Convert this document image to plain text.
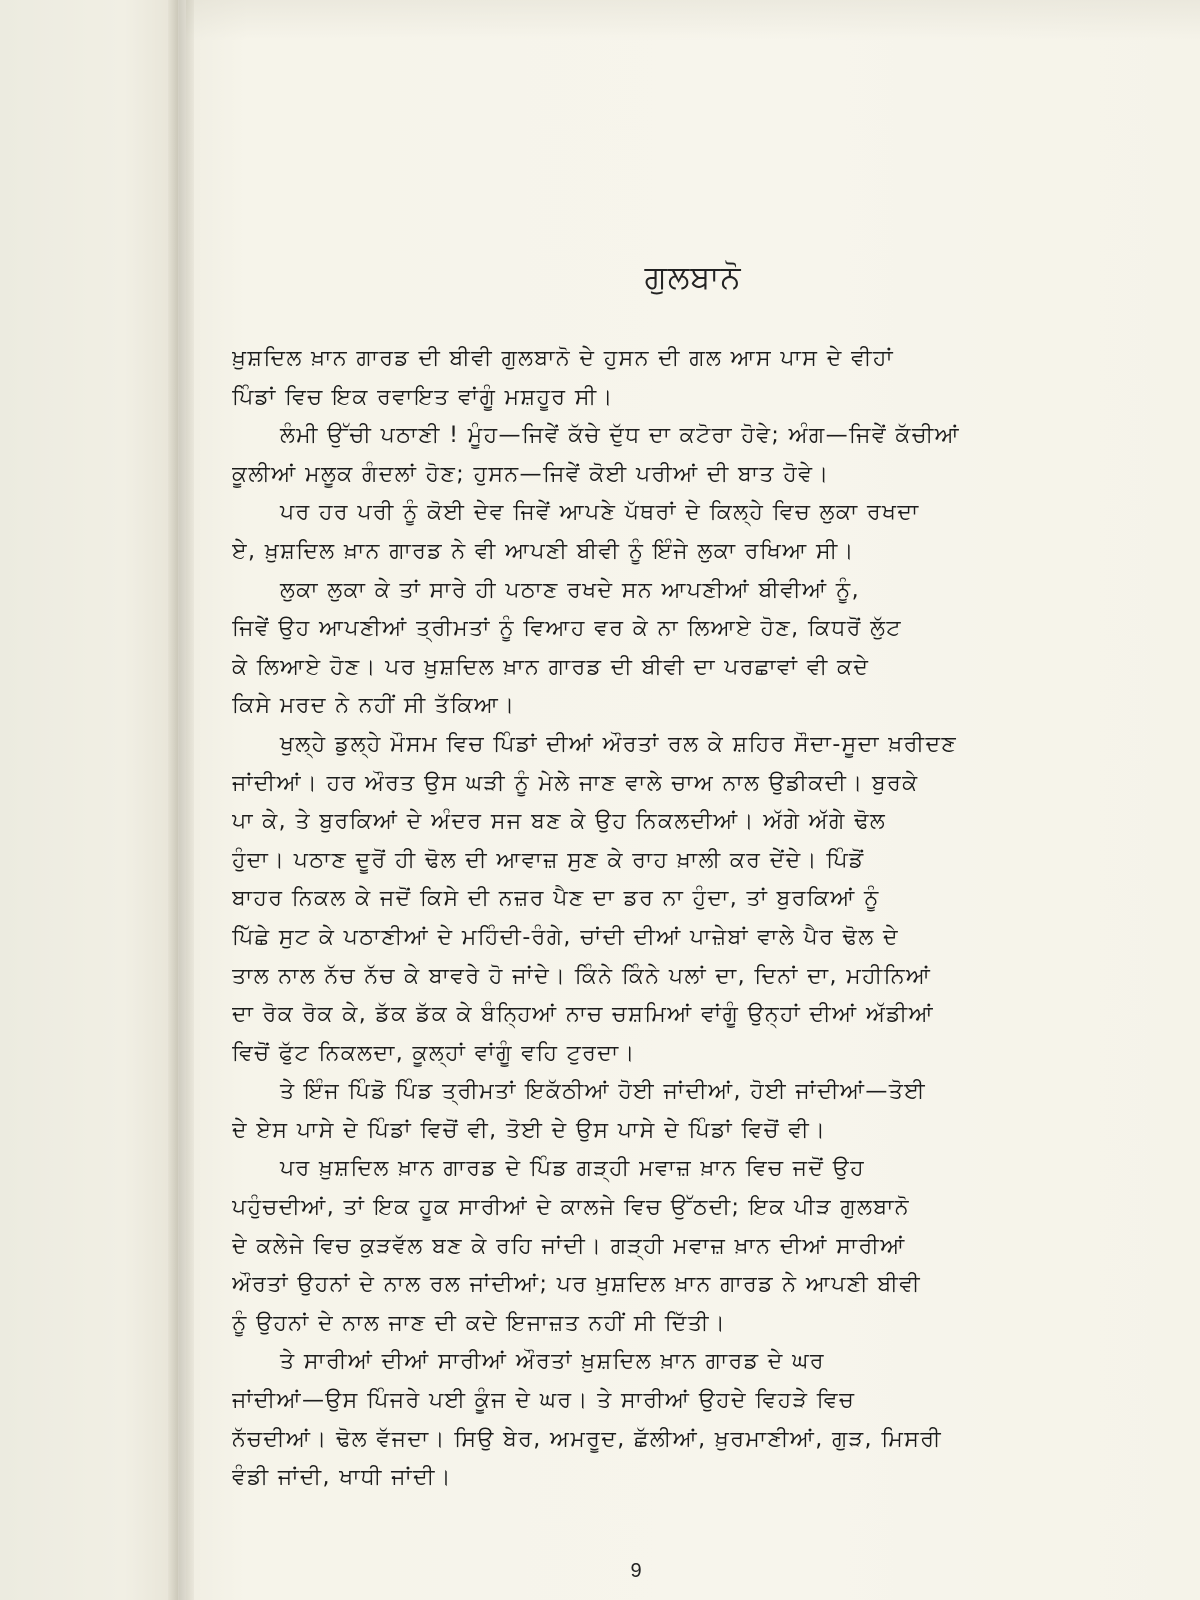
ਗੁਲਬਾਨੋ
ਖ਼ੁਸ਼ਦਿਲ ਖ਼ਾਨ ਗਾਰਡ ਦੀ ਬੀਵੀ ਗੁਲਬਾਨੋ ਦੇ ਹੁਸਨ ਦੀ ਗਲ ਆਸ ਪਾਸ ਦੇ ਵੀਹਾਂ
ਪਿੰਡਾਂ ਵਿਚ ਇਕ ਰਵਾਇਤ ਵਾਂਗੂੰ ਮਸ਼ਹੂਰ ਸੀ।
ਲੰਮੀ ਉੱਚੀ ਪਠਾਣੀ ! ਮੂੰਹ—ਜਿਵੇਂ ਕੱਚੇ ਦੁੱਧ ਦਾ ਕਟੋਰਾ ਹੋਵੇ; ਅੰਗ—ਜਿਵੇਂ ਕੱਚੀਆਂ
ਕੂਲੀਆਂ ਮਲੂਕ ਗੰਦਲਾਂ ਹੋਣ; ਹੁਸਨ—ਜਿਵੇਂ ਕੋਈ ਪਰੀਆਂ ਦੀ ਬਾਤ ਹੋਵੇ।
ਪਰ ਹਰ ਪਰੀ ਨੂੰ ਕੋਈ ਦੇਵ ਜਿਵੇਂ ਆਪਣੇ ਪੱਥਰਾਂ ਦੇ ਕਿਲ੍ਹੇ ਵਿਚ ਲੁਕਾ ਰਖਦਾ
ਏ, ਖ਼ੁਸ਼ਦਿਲ ਖ਼ਾਨ ਗਾਰਡ ਨੇ ਵੀ ਆਪਣੀ ਬੀਵੀ ਨੂੰ ਇੰਜੇ ਲੁਕਾ ਰਖਿਆ ਸੀ।
ਲੁਕਾ ਲੁਕਾ ਕੇ ਤਾਂ ਸਾਰੇ ਹੀ ਪਠਾਣ ਰਖਦੇ ਸਨ ਆਪਣੀਆਂ ਬੀਵੀਆਂ ਨੂੰ,
ਜਿਵੇਂ ਉਹ ਆਪਣੀਆਂ ਤ੍ਰੀਮਤਾਂ ਨੂੰ ਵਿਆਹ ਵਰ ਕੇ ਨਾ ਲਿਆਏ ਹੋਣ, ਕਿਧਰੋਂ ਲੁੱਟ
ਕੇ ਲਿਆਏ ਹੋਣ। ਪਰ ਖ਼ੁਸ਼ਦਿਲ ਖ਼ਾਨ ਗਾਰਡ ਦੀ ਬੀਵੀ ਦਾ ਪਰਛਾਵਾਂ ਵੀ ਕਦੇ
ਕਿਸੇ ਮਰਦ ਨੇ ਨਹੀਂ ਸੀ ਤੱਕਿਆ।
ਖੁਲ੍ਹੇ ਡੁਲ੍ਹੇ ਮੌਸਮ ਵਿਚ ਪਿੰਡਾਂ ਦੀਆਂ ਔਰਤਾਂ ਰਲ ਕੇ ਸ਼ਹਿਰ ਸੌਦਾ-ਸੂਦਾ ਖ਼ਰੀਦਣ
ਜਾਂਦੀਆਂ। ਹਰ ਔਰਤ ਉਸ ਘੜੀ ਨੂੰ ਮੇਲੇ ਜਾਣ ਵਾਲੇ ਚਾਅ ਨਾਲ ਉਡੀਕਦੀ। ਬੁਰਕੇ
ਪਾ ਕੇ, ਤੇ ਬੁਰਕਿਆਂ ਦੇ ਅੰਦਰ ਸਜ ਬਣ ਕੇ ਉਹ ਨਿਕਲਦੀਆਂ। ਅੱਗੇ ਅੱਗੇ ਢੋਲ
ਹੁੰਦਾ। ਪਠਾਣ ਦੂਰੋਂ ਹੀ ਢੋਲ ਦੀ ਆਵਾਜ਼ ਸੁਣ ਕੇ ਰਾਹ ਖ਼ਾਲੀ ਕਰ ਦੇਂਦੇ। ਪਿੰਡੋਂ
ਬਾਹਰ ਨਿਕਲ ਕੇ ਜਦੋਂ ਕਿਸੇ ਦੀ ਨਜ਼ਰ ਪੈਣ ਦਾ ਡਰ ਨਾ ਹੁੰਦਾ, ਤਾਂ ਬੁਰਕਿਆਂ ਨੂੰ
ਪਿੱਛੇ ਸੁਟ ਕੇ ਪਠਾਣੀਆਂ ਦੇ ਮਹਿੰਦੀ-ਰੰਗੇ, ਚਾਂਦੀ ਦੀਆਂ ਪਾਜ਼ੇਬਾਂ ਵਾਲੇ ਪੈਰ ਢੋਲ ਦੇ
ਤਾਲ ਨਾਲ ਨੱਚ ਨੱਚ ਕੇ ਬਾਵਰੇ ਹੋ ਜਾਂਦੇ। ਕਿੰਨੇ ਕਿੰਨੇ ਪਲਾਂ ਦਾ, ਦਿਨਾਂ ਦਾ, ਮਹੀਨਿਆਂ
ਦਾ ਰੋਕ ਰੋਕ ਕੇ, ਡੱਕ ਡੱਕ ਕੇ ਬੰਨ੍ਹਿਆਂ ਨਾਚ ਚਸ਼ਮਿਆਂ ਵਾਂਗੂੰ ਉਨ੍ਹਾਂ ਦੀਆਂ ਅੱਡੀਆਂ
ਵਿਚੋਂ ਫੁੱਟ ਨਿਕਲਦਾ, ਕੂਲ੍ਹਾਂ ਵਾਂਗੂੰ ਵਹਿ ਟੁਰਦਾ।
ਤੇ ਇੰਜ ਪਿੰਡੋ ਪਿੰਡ ਤ੍ਰੀਮਤਾਂ ਇਕੱਠੀਆਂ ਹੋਈ ਜਾਂਦੀਆਂ, ਹੋਈ ਜਾਂਦੀਆਂ—ਤੋਈ
ਦੇ ਏਸ ਪਾਸੇ ਦੇ ਪਿੰਡਾਂ ਵਿਚੋਂ ਵੀ, ਤੋਈ ਦੇ ਉਸ ਪਾਸੇ ਦੇ ਪਿੰਡਾਂ ਵਿਚੋਂ ਵੀ।
ਪਰ ਖ਼ੁਸ਼ਦਿਲ ਖ਼ਾਨ ਗਾਰਡ ਦੇ ਪਿੰਡ ਗੜ੍ਹੀ ਮਵਾਜ਼ ਖ਼ਾਨ ਵਿਚ ਜਦੋਂ ਉਹ
ਪਹੁੰਚਦੀਆਂ, ਤਾਂ ਇਕ ਹੂਕ ਸਾਰੀਆਂ ਦੇ ਕਾਲਜੇ ਵਿਚ ਉੱਠਦੀ; ਇਕ ਪੀੜ ਗੁਲਬਾਨੋ
ਦੇ ਕਲੇਜੇ ਵਿਚ ਕੁੜਵੱਲ ਬਣ ਕੇ ਰਹਿ ਜਾਂਦੀ। ਗੜ੍ਹੀ ਮਵਾਜ਼ ਖ਼ਾਨ ਦੀਆਂ ਸਾਰੀਆਂ
ਔਰਤਾਂ ਉਹਨਾਂ ਦੇ ਨਾਲ ਰਲ ਜਾਂਦੀਆਂ; ਪਰ ਖ਼ੁਸ਼ਦਿਲ ਖ਼ਾਨ ਗਾਰਡ ਨੇ ਆਪਣੀ ਬੀਵੀ
ਨੂੰ ਉਹਨਾਂ ਦੇ ਨਾਲ ਜਾਣ ਦੀ ਕਦੇ ਇਜਾਜ਼ਤ ਨਹੀਂ ਸੀ ਦਿੱਤੀ।
ਤੇ ਸਾਰੀਆਂ ਦੀਆਂ ਸਾਰੀਆਂ ਔਰਤਾਂ ਖ਼ੁਸ਼ਦਿਲ ਖ਼ਾਨ ਗਾਰਡ ਦੇ ਘਰ
ਜਾਂਦੀਆਂ—ਉਸ ਪਿੰਜਰੇ ਪਈ ਕੂੰਜ ਦੇ ਘਰ। ਤੇ ਸਾਰੀਆਂ ਉਹਦੇ ਵਿਹੜੇ ਵਿਚ
ਨੱਚਦੀਆਂ। ਢੋਲ ਵੱਜਦਾ। ਸਿਉ ਬੇਰ, ਅਮਰੂਦ, ਛੱਲੀਆਂ, ਖ਼ੁਰਮਾਣੀਆਂ, ਗੁੜ, ਮਿਸਰੀ
ਵੰਡੀ ਜਾਂਦੀ, ਖਾਧੀ ਜਾਂਦੀ।
9
